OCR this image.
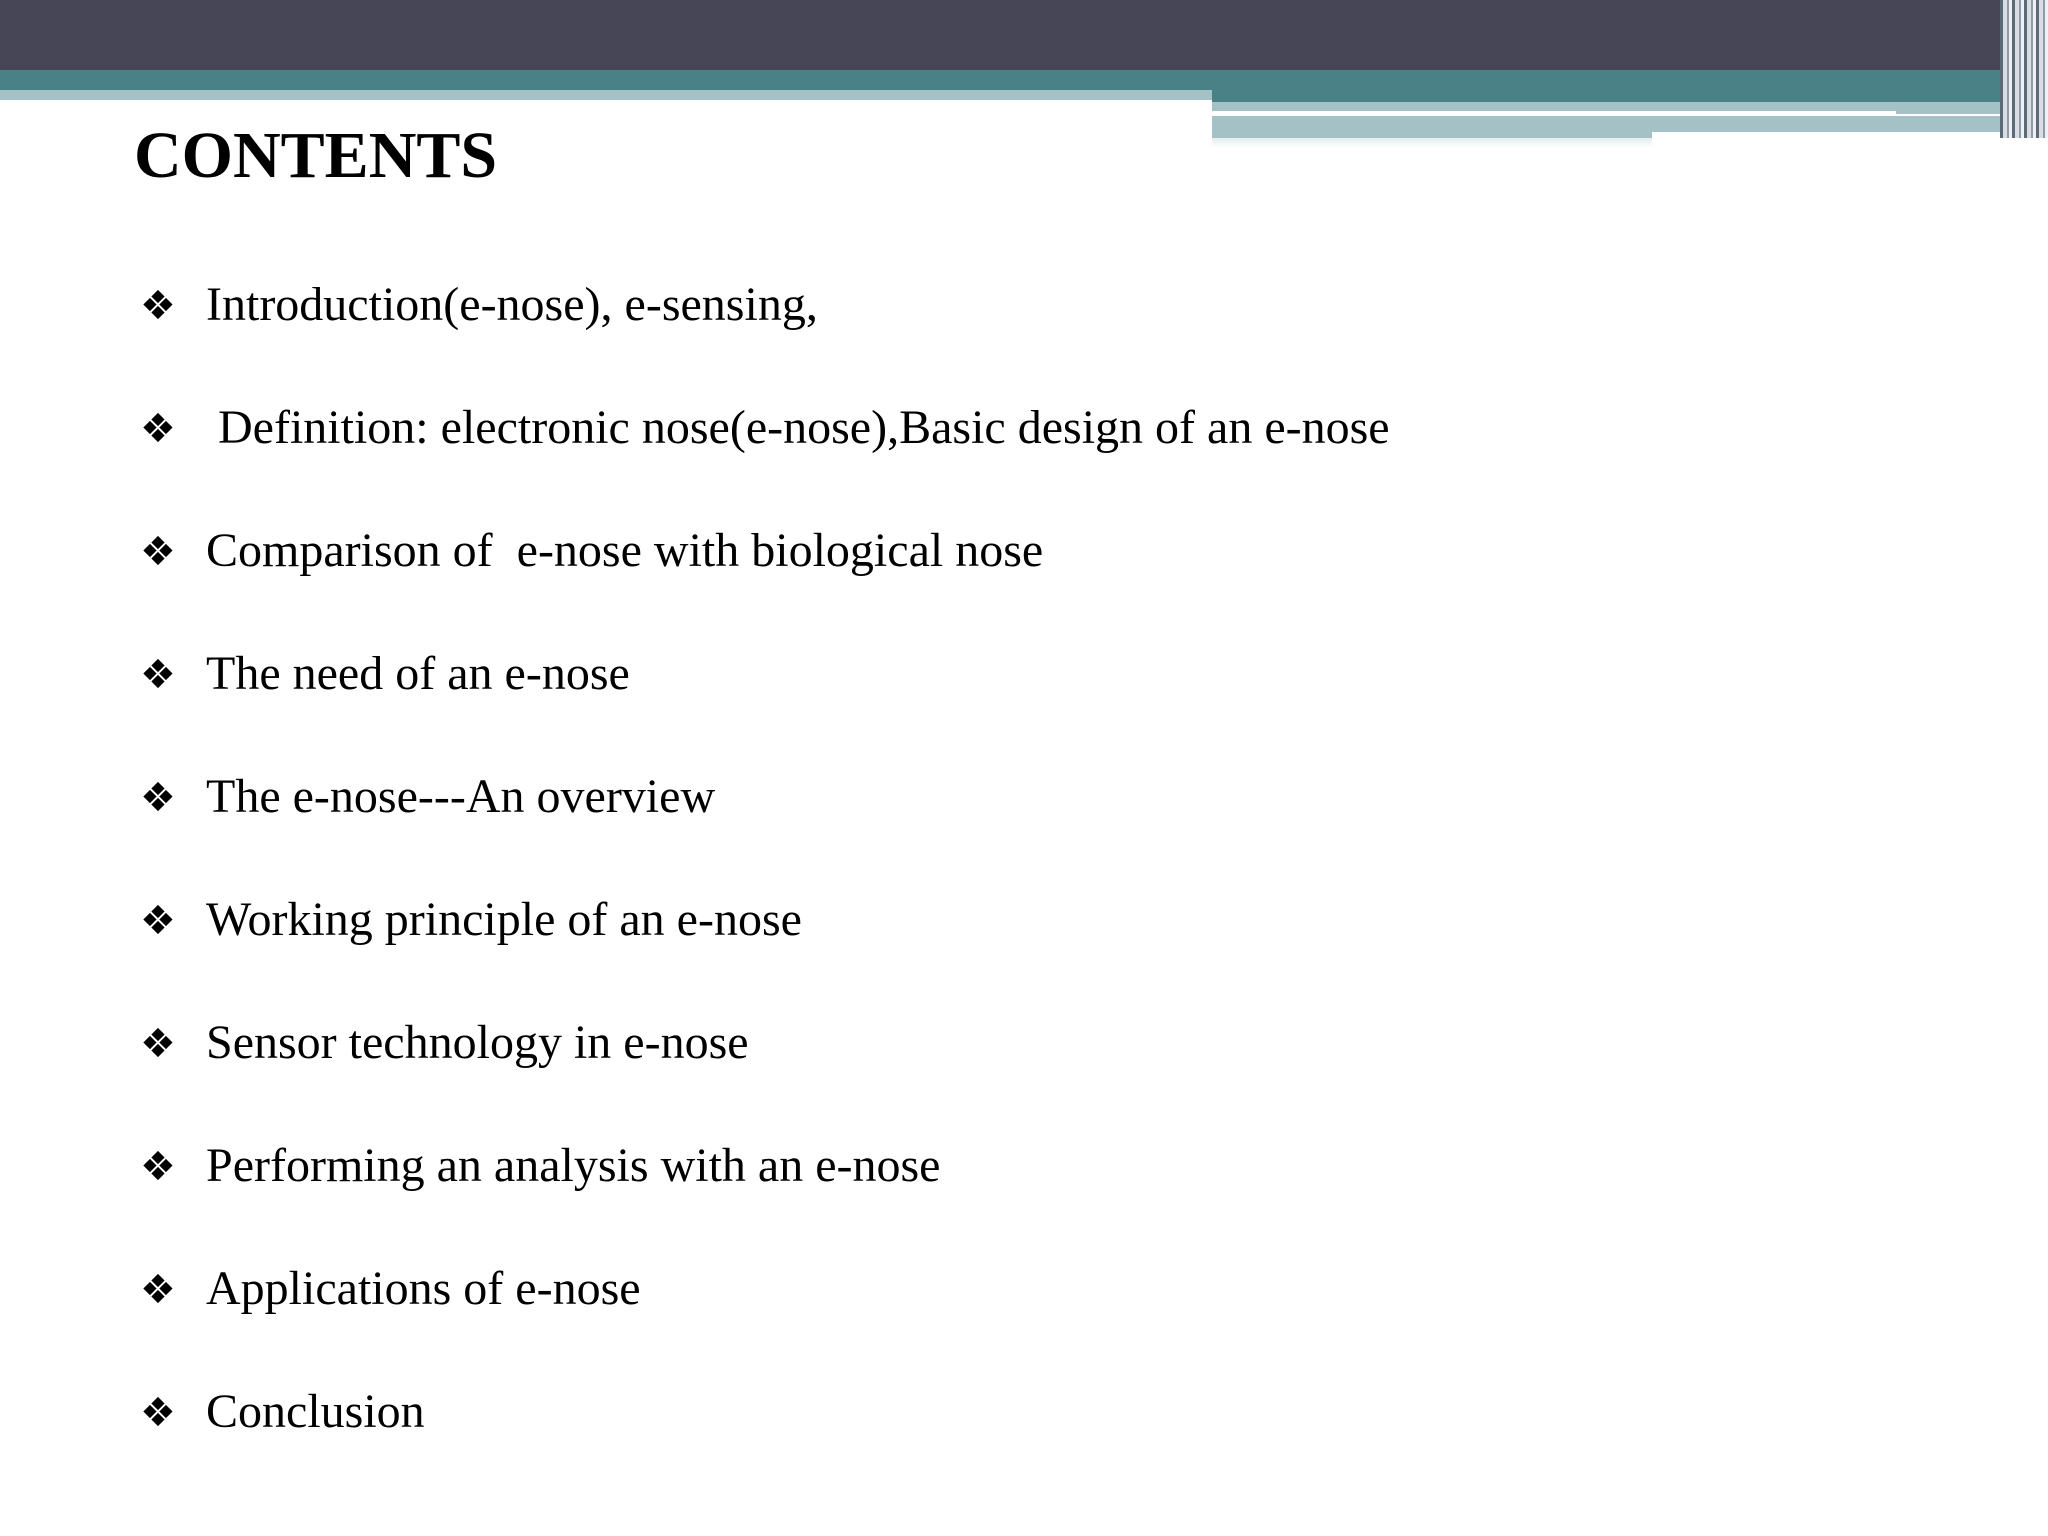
CONTENTS
❖ Introduction(e-nose), e-sensing,
❖ Definition: electronic nose(e-nose),Basic design of an e-nose
❖ Comparison of  e-nose with biological nose
❖ The need of an e-nose
❖ The e-nose---An overview
❖ Working principle of an e-nose
❖ Sensor technology in e-nose
❖ Performing an analysis with an e-nose
❖ Applications of e-nose
❖ Conclusion
